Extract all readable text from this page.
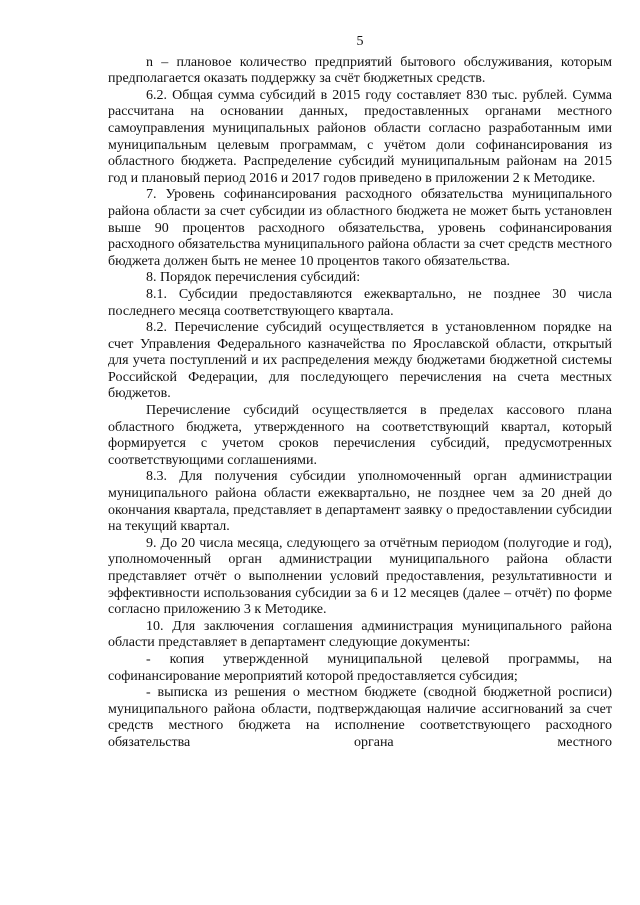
5

n – плановое количество предприятий бытового обслуживания, которым предполагается оказать поддержку за счёт бюджетных средств.

6.2. Общая сумма субсидий в 2015 году составляет 830 тыс. рублей. Сумма рассчитана на основании данных, предоставленных органами местного самоуправления муниципальных районов области согласно разработанным ими муниципальным целевым программам, с учётом доли софинансирования из областного бюджета. Распределение субсидий муниципальным районам на 2015 год и плановый период 2016 и 2017 годов приведено в приложении 2 к Методике.

7. Уровень софинансирования расходного обязательства муниципального района области за счет субсидии из областного бюджета не может быть установлен выше 90 процентов расходного обязательства, уровень софинансирования расходного обязательства муниципального района области за счет средств местного бюджета должен быть не менее 10 процентов такого обязательства.

8. Порядок перечисления субсидий:

8.1. Субсидии предоставляются ежеквартально, не позднее 30 числа последнего месяца соответствующего квартала.

8.2. Перечисление субсидий осуществляется в установленном порядке на счет Управления Федерального казначейства по Ярославской области, открытый для учета поступлений и их распределения между бюджетами бюджетной системы Российской Федерации, для последующего перечисления на счета местных бюджетов.

Перечисление субсидий осуществляется в пределах кассового плана областного бюджета, утвержденного на соответствующий квартал, который формируется с учетом сроков перечисления субсидий, предусмотренных соответствующими соглашениями.

8.3. Для получения субсидии уполномоченный орган администрации муниципального района области ежеквартально, не позднее чем за 20 дней до окончания квартала, представляет в департамент заявку о предоставлении субсидии на текущий квартал.

9. До 20 числа месяца, следующего за отчётным периодом (полугодие и год), уполномоченный орган администрации муниципального района области представляет отчёт о выполнении условий предоставления, результативности и эффективности использования субсидии за 6 и 12 месяцев (далее – отчёт) по форме согласно приложению 3 к Методике.

10. Для заключения соглашения администрация муниципального района области представляет в департамент следующие документы:

- копия утвержденной муниципальной целевой программы, на софинансирование мероприятий которой предоставляется субсидия;

- выписка из решения о местном бюджете (сводной бюджетной росписи) муниципального района области, подтверждающая наличие ассигнований за счет средств местного бюджета на исполнение соответствующего расходного обязательства органа местного
